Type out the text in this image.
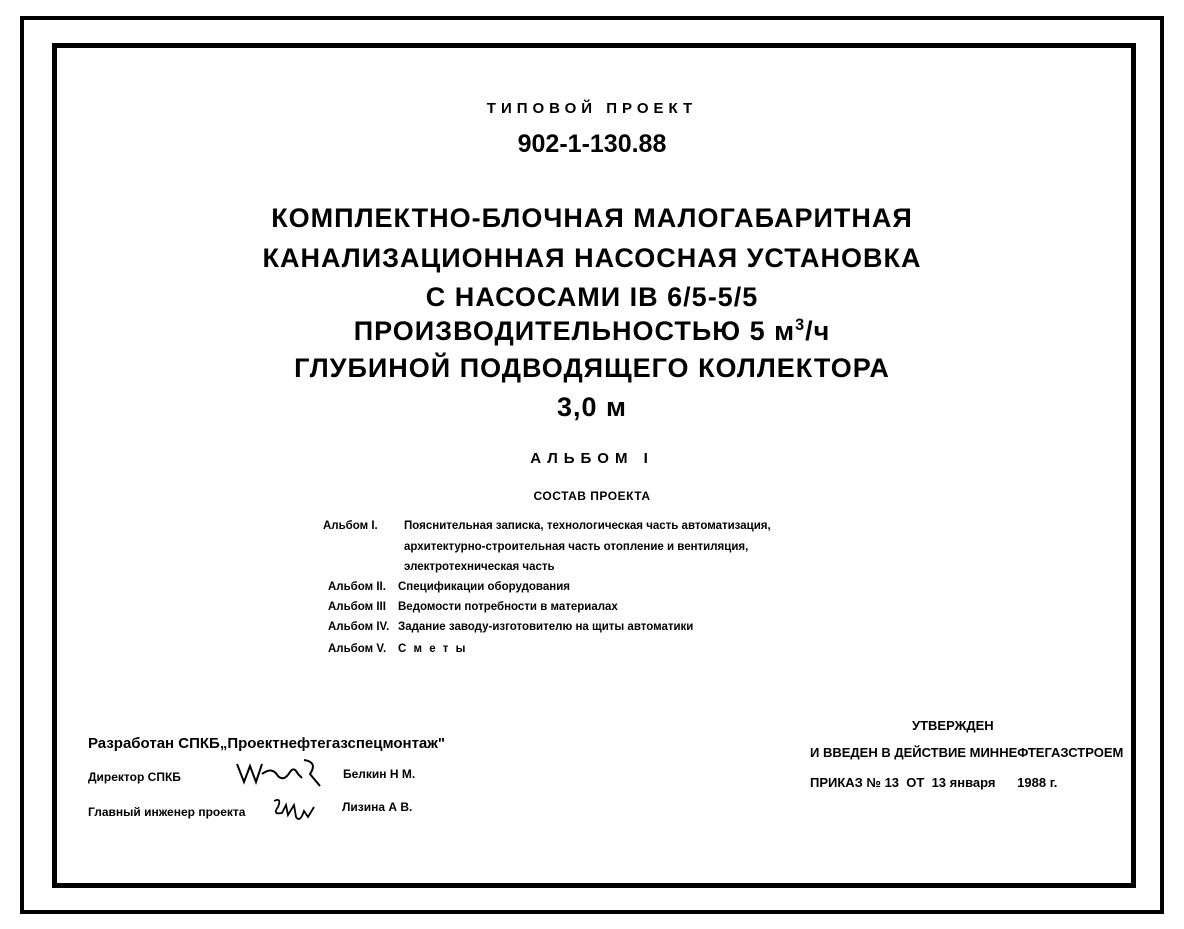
ТИПОВОЙ ПРОЕКТ
902-1-130.88
КОМПЛЕКТНО-БЛОЧНАЯ МАЛОГАБАРИТНАЯ
КАНАЛИЗАЦИОННАЯ НАСОСНАЯ УСТАНОВКА
С НАСОСАМИ IВ 6/5-5/5
ПРОИЗВОДИТЕЛЬНОСТЬЮ 5 $м^3/ч$
ГЛУБИНОЙ ПОДВОДЯЩЕГО КОЛЛЕКТОРА
3,0 м
АЛЬБОМ I
СОСТАВ ПРОЕКТА
Альбом I. Пояснительная записка, технологическая часть автоматизация,
архитектурно-строительная часть отопление и вентиляция,
электротехническая часть
Альбом II. Спецификации оборудования
Альбом III Ведомости потребности в материалах
Альбом IV. Задание заводу-изготовителю на щиты автоматики
Альбом V. С м е т ы
Разработан СПКБ„Проектнефтегазспецмонтаж"
Директор СПКБ	Белкин Н М.
Главный инженер проекта	Лизина А В.
УТВЕРЖДЕН
И ВВЕДЕН В ДЕЙСТВИЕ МИННЕФТЕГАЗСТРОЕМ
ПРИКАЗ № 13 ОТ 13 января 1988 г.
